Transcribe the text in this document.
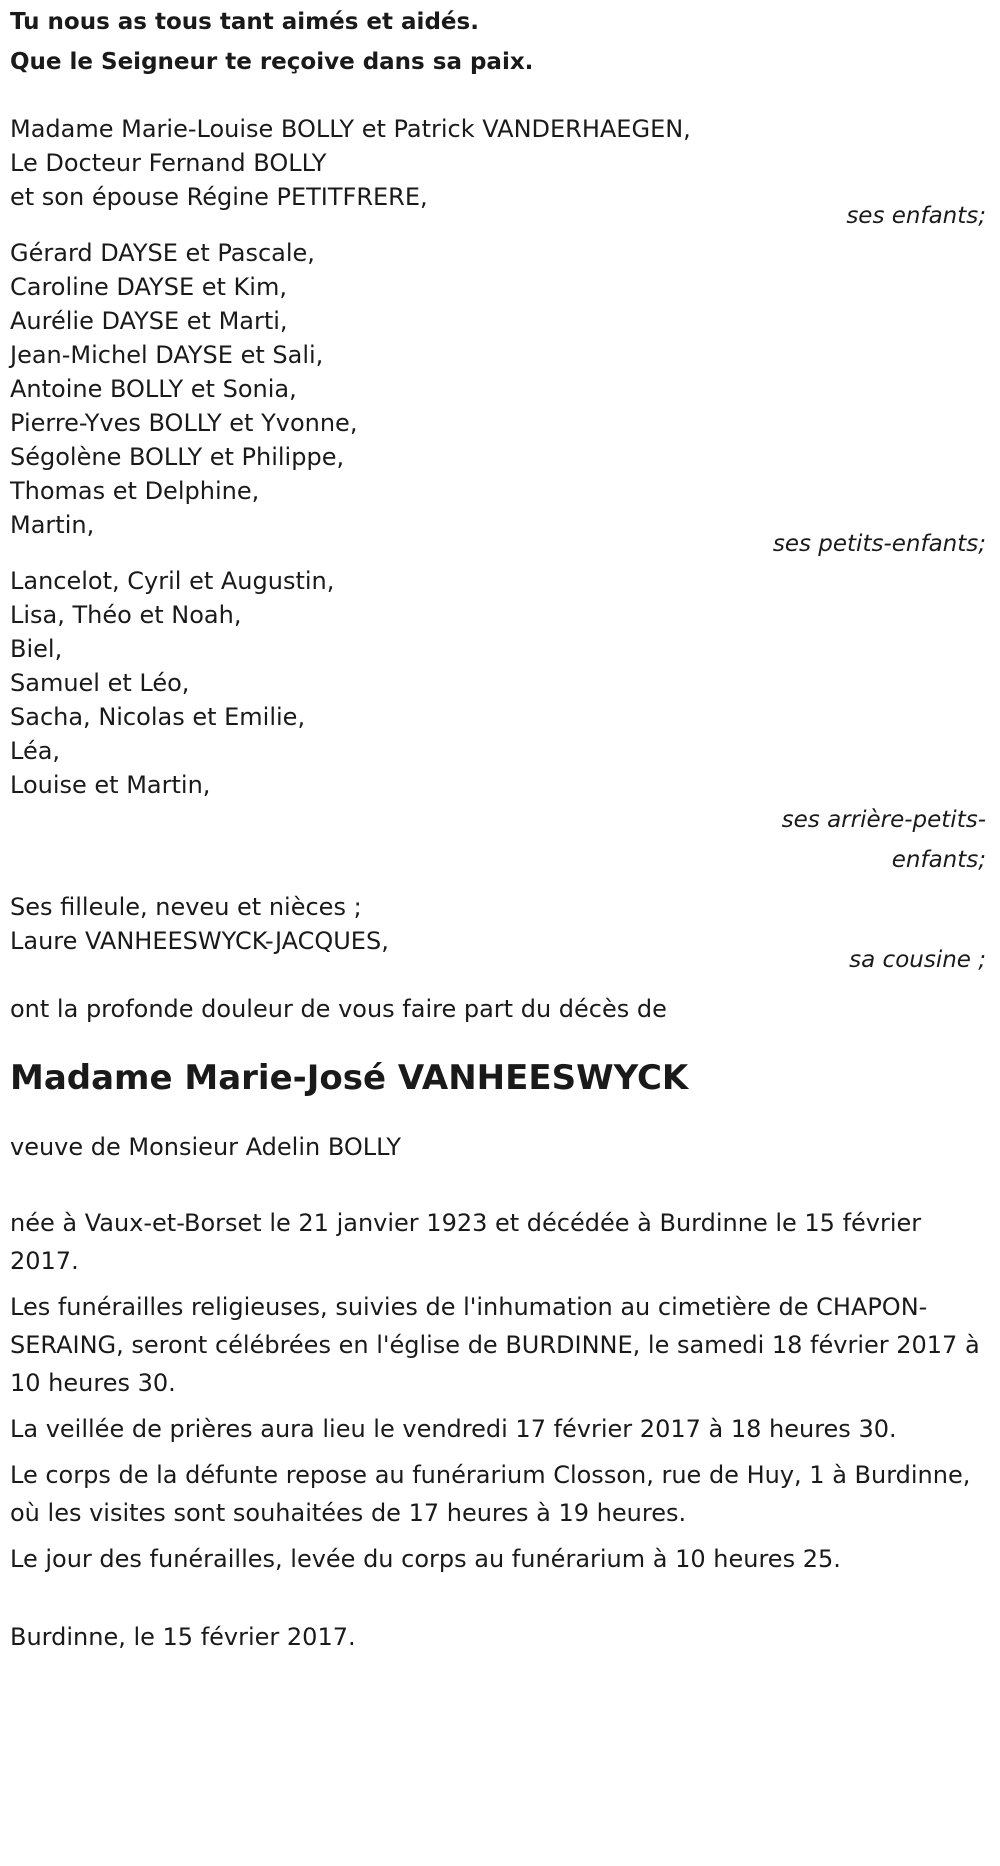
Tu nous as tous tant aimés et aidés.
Que le Seigneur te reçoive dans sa paix.
Madame Marie-Louise BOLLY et Patrick VANDERHAEGEN,
Le Docteur Fernand BOLLY
et son épouse Régine PETITFRERE,
ses enfants;
Gérard DAYSE et Pascale,
Caroline DAYSE et Kim,
Aurélie DAYSE et Marti,
Jean-Michel DAYSE et Sali,
Antoine BOLLY et Sonia,
Pierre-Yves BOLLY et Yvonne,
Ségolène BOLLY et Philippe,
Thomas et Delphine,
Martin,
ses petits-enfants;
Lancelot, Cyril et Augustin,
Lisa, Théo et Noah,
Biel,
Samuel et Léo,
Sacha, Nicolas et Emilie,
Léa,
Louise et Martin,
ses arrière-petits-enfants;
Ses filleule, neveu et nièces ;
Laure VANHEESWYCK-JACQUES,
sa cousine ;

ont la profonde douleur de vous faire part du décès de

Madame Marie-José VANHEESWYCK

veuve de Monsieur Adelin BOLLY

née à Vaux-et-Borset le 21 janvier 1923 et décédée à Burdinne le 15 février 2017.

Les funérailles religieuses, suivies de l'inhumation au cimetière de CHAPON-SERAING, seront célébrées en l'église de BURDINNE, le samedi 18 février 2017 à 10 heures 30.

La veillée de prières aura lieu le vendredi 17 février 2017 à 18 heures 30.

Le corps de la défunte repose au funérarium Closson, rue de Huy, 1 à Burdinne, où les visites sont souhaitées de 17 heures à 19 heures.

Le jour des funérailles, levée du corps au funérarium à 10 heures 25.

Burdinne, le 15 février 2017.
